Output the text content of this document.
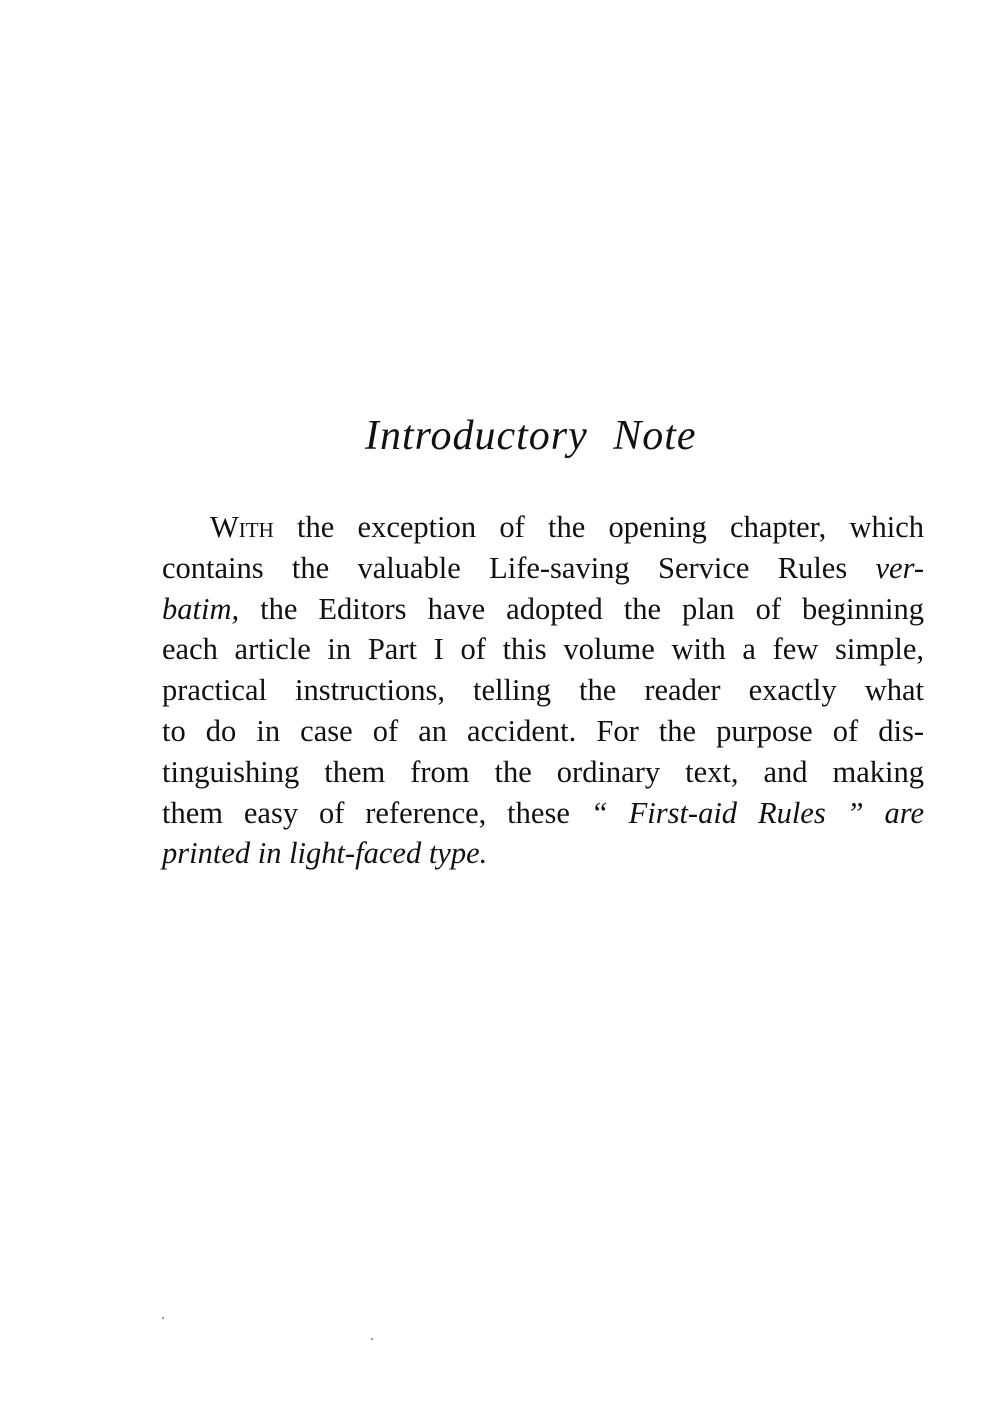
Introductory Note

With the exception of the opening chapter, which
contains the valuable Life-saving Service Rules ver-
batim, the Editors have adopted the plan of beginning
each article in Part I of this volume with a few simple,
practical instructions, telling the reader exactly what
to do in case of an accident. For the purpose of dis-
tinguishing them from the ordinary text, and making
them easy of reference, these “ First-aid Rules ” are
printed in light-faced type.
